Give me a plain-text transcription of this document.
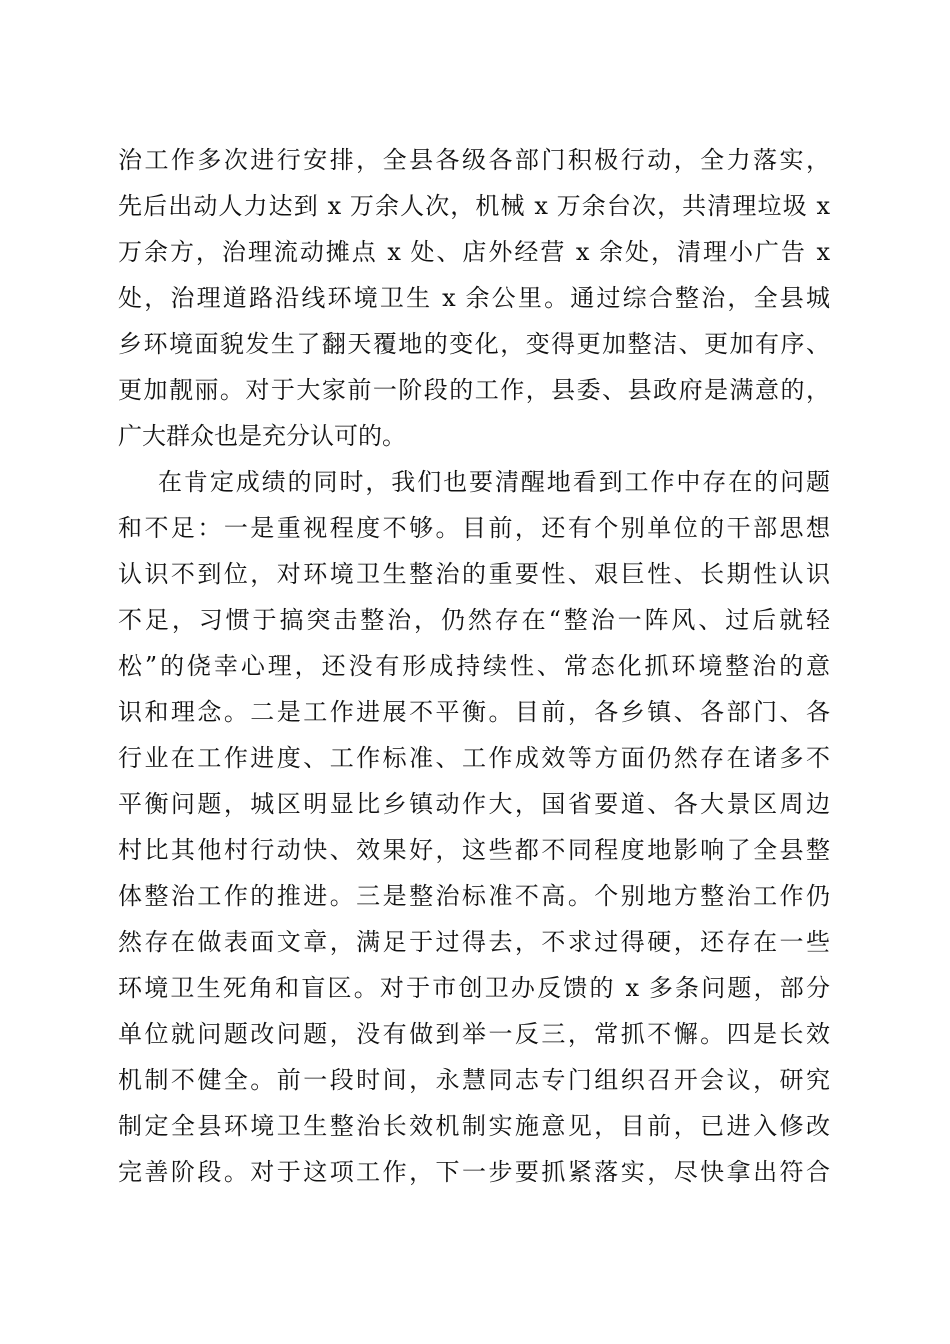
治工作多次进行安排，全县各级各部门积极行动，全力落实，
先后出动人力达到 x 万余人次，机械 x 万余台次，共清理垃圾 x
万余方，治理流动摊点 x 处、店外经营 x 余处，清理小广告 x
处，治理道路沿线环境卫生 x 余公里。通过综合整治，全县城
乡环境面貌发生了翻天覆地的变化，变得更加整洁、更加有序、
更加靓丽。对于大家前一阶段的工作，县委、县政府是满意的，
广大群众也是充分认可的。
在肯定成绩的同时，我们也要清醒地看到工作中存在的问题
和不足：一是重视程度不够。目前，还有个别单位的干部思想
认识不到位，对环境卫生整治的重要性、艰巨性、长期性认识
不足，习惯于搞突击整治，仍然存在“整治一阵风、过后就轻
松”的侥幸心理，还没有形成持续性、常态化抓环境整治的意
识和理念。二是工作进展不平衡。目前，各乡镇、各部门、各
行业在工作进度、工作标准、工作成效等方面仍然存在诸多不
平衡问题，城区明显比乡镇动作大，国省要道、各大景区周边
村比其他村行动快、效果好，这些都不同程度地影响了全县整
体整治工作的推进。三是整治标准不高。个别地方整治工作仍
然存在做表面文章，满足于过得去，不求过得硬，还存在一些
环境卫生死角和盲区。对于市创卫办反馈的 x 多条问题，部分
单位就问题改问题，没有做到举一反三，常抓不懈。四是长效
机制不健全。前一段时间，永慧同志专门组织召开会议，研究
制定全县环境卫生整治长效机制实施意见，目前，已进入修改
完善阶段。对于这项工作，下一步要抓紧落实，尽快拿出符合
